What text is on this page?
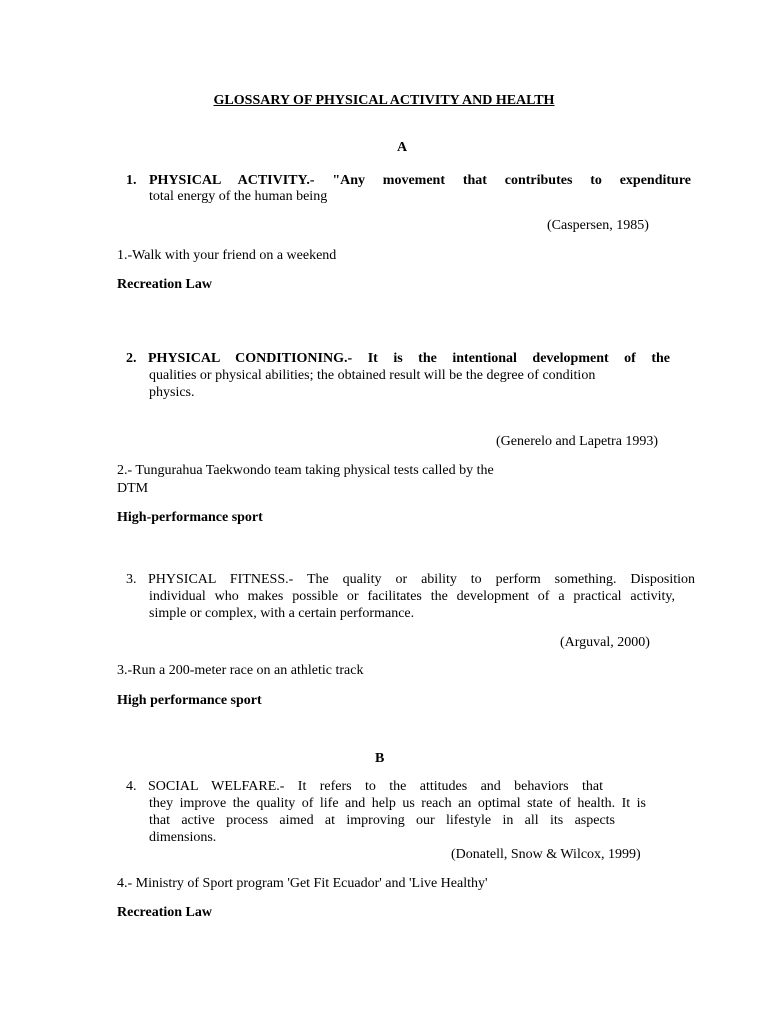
GLOSSARY OF PHYSICAL ACTIVITY AND HEALTH
A
1. PHYSICAL ACTIVITY.- "Any movement that contributes to expenditure
total energy of the human being
(Caspersen, 1985)
1.-Walk with your friend on a weekend
Recreation Law
2. PHYSICAL CONDITIONING.- It is the intentional development of the
qualities or physical abilities; the obtained result will be the degree of condition
physics.
(Generelo and Lapetra 1993)
2.- Tungurahua Taekwondo team taking physical tests called by the
DTM
High-performance sport
3. PHYSICAL FITNESS.- The quality or ability to perform something. Disposition
individual who makes possible or facilitates the development of a practical activity,
simple or complex, with a certain performance.
(Arguval, 2000)
3.-Run a 200-meter race on an athletic track
High performance sport
B
4. SOCIAL WELFARE.- It refers to the attitudes and behaviors that
they improve the quality of life and help us reach an optimal state of health. It is
that active process aimed at improving our lifestyle in all its aspects
dimensions.
(Donatell, Snow & Wilcox, 1999)
4.- Ministry of Sport program 'Get Fit Ecuador' and 'Live Healthy'
Recreation Law
